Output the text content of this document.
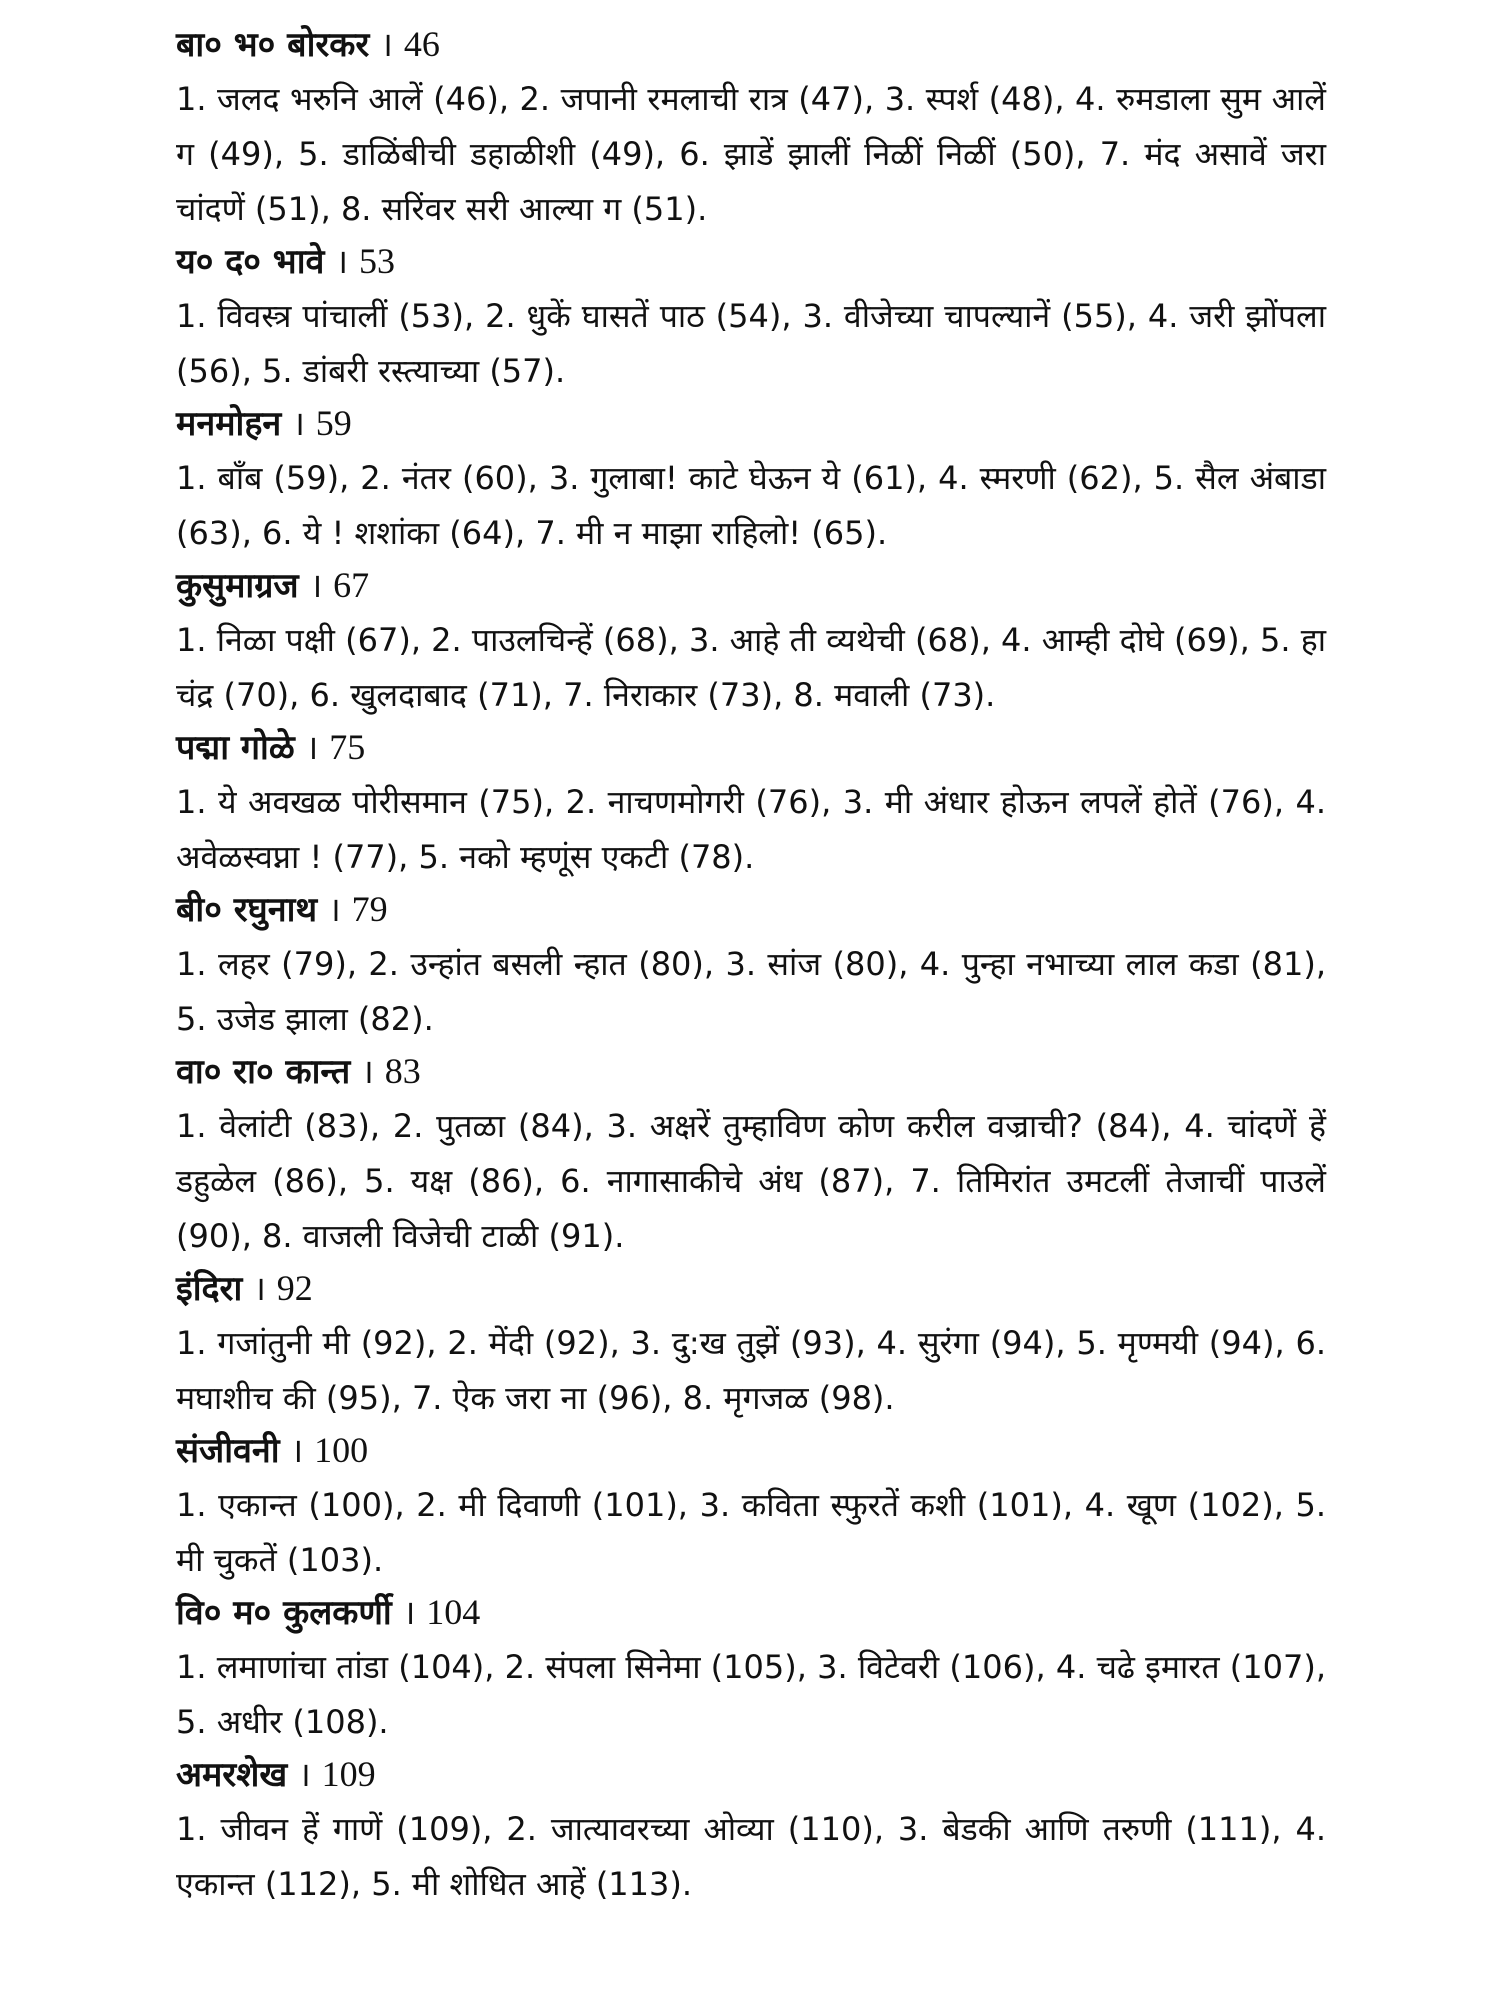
बा० भ० बोरकर । 46
1. जलद भरुनि आलें (46), 2. जपानी रमलाची रात्र (47), 3. स्पर्श (48), 4. रुमडाला सुम आलें ग (49), 5. डाळिंबीची डहाळीशी (49), 6. झाडें झालीं निळीं निळीं (50), 7. मंद असावें जरा चांदणें (51), 8. सरिंवर सरी आल्या ग (51).
य० द० भावे । 53
1. विवस्त्र पांचालीं (53), 2. धुकें घासतें पाठ (54), 3. वीजेच्या चापल्यानें (55), 4. जरी झोंपला (56), 5. डांबरी रस्त्याच्या (57).
मनमोहन । 59
1. बॉंब (59), 2. नंतर (60), 3. गुलाबा! काटे घेऊन ये (61), 4. स्मरणी (62), 5. सैल अंबाडा (63), 6. ये ! शशांका (64), 7. मी न माझा राहिलो! (65).
कुसुमाग्रज । 67
1. निळा पक्षी (67), 2. पाउलचिन्हें (68), 3. आहे ती व्यथेची (68), 4. आम्ही दोघे (69), 5. हा चंद्र (70), 6. खुलदाबाद (71), 7. निराकार (73), 8. मवाली (73).
पद्मा गोळे । 75
1. ये अवखळ पोरीसमान (75), 2. नाचणमोगरी (76), 3. मी अंधार होऊन लपलें होतें (76), 4. अवेळस्वप्ना ! (77), 5. नको म्हणूंस एकटी (78).
बी० रघुनाथ । 79
1. लहर (79), 2. उन्हांत बसली न्हात (80), 3. सांज (80), 4. पुन्हा नभाच्या लाल कडा (81), 5. उजेड झाला (82).
वा० रा० कान्त । 83
1. वेलांटी (83), 2. पुतळा (84), 3. अक्षरें तुम्हाविण कोण करील वज्राची? (84), 4. चांदणें हें डहुळेल (86), 5. यक्ष (86), 6. नागासाकीचे अंध (87), 7. तिमिरांत उमटलीं तेजाचीं पाउलें (90), 8. वाजली विजेची टाळी (91).
इंदिरा । 92
1. गजांतुनी मी (92), 2. मेंदी (92), 3. दु:ख तुझें (93), 4. सुरंगा (94), 5. मृण्मयी (94), 6. मघाशीच की (95), 7. ऐक जरा ना (96), 8. मृगजळ (98).
संजीवनी । 100
1. एकान्त (100), 2. मी दिवाणी (101), 3. कविता स्फुरतें कशी (101), 4. खूण (102), 5. मी चुकतें (103).
वि० म० कुलकर्णी । 104
1. लमाणांचा तांडा (104), 2. संपला सिनेमा (105), 3. विटेवरी (106), 4. चढे इमारत (107), 5. अधीर (108).
अमरशेख । 109
1. जीवन हें गाणें (109), 2. जात्यावरच्या ओव्या (110), 3. बेडकी आणि तरुणी (111), 4. एकान्त (112), 5. मी शोधित आहें (113).
